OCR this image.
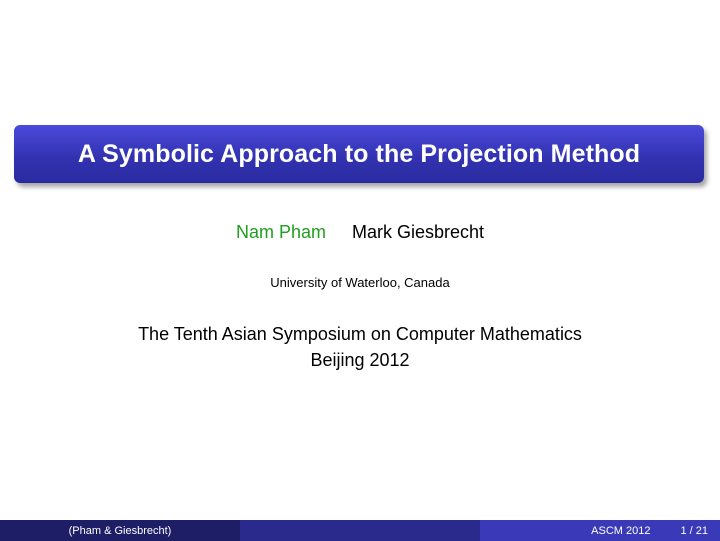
A Symbolic Approach to the Projection Method
Nam Pham Mark Giesbrecht
University of Waterloo, Canada
The Tenth Asian Symposium on Computer Mathematics
Beijing 2012
(Pham & Giesbrecht)	ASCM 2012	1 / 21
